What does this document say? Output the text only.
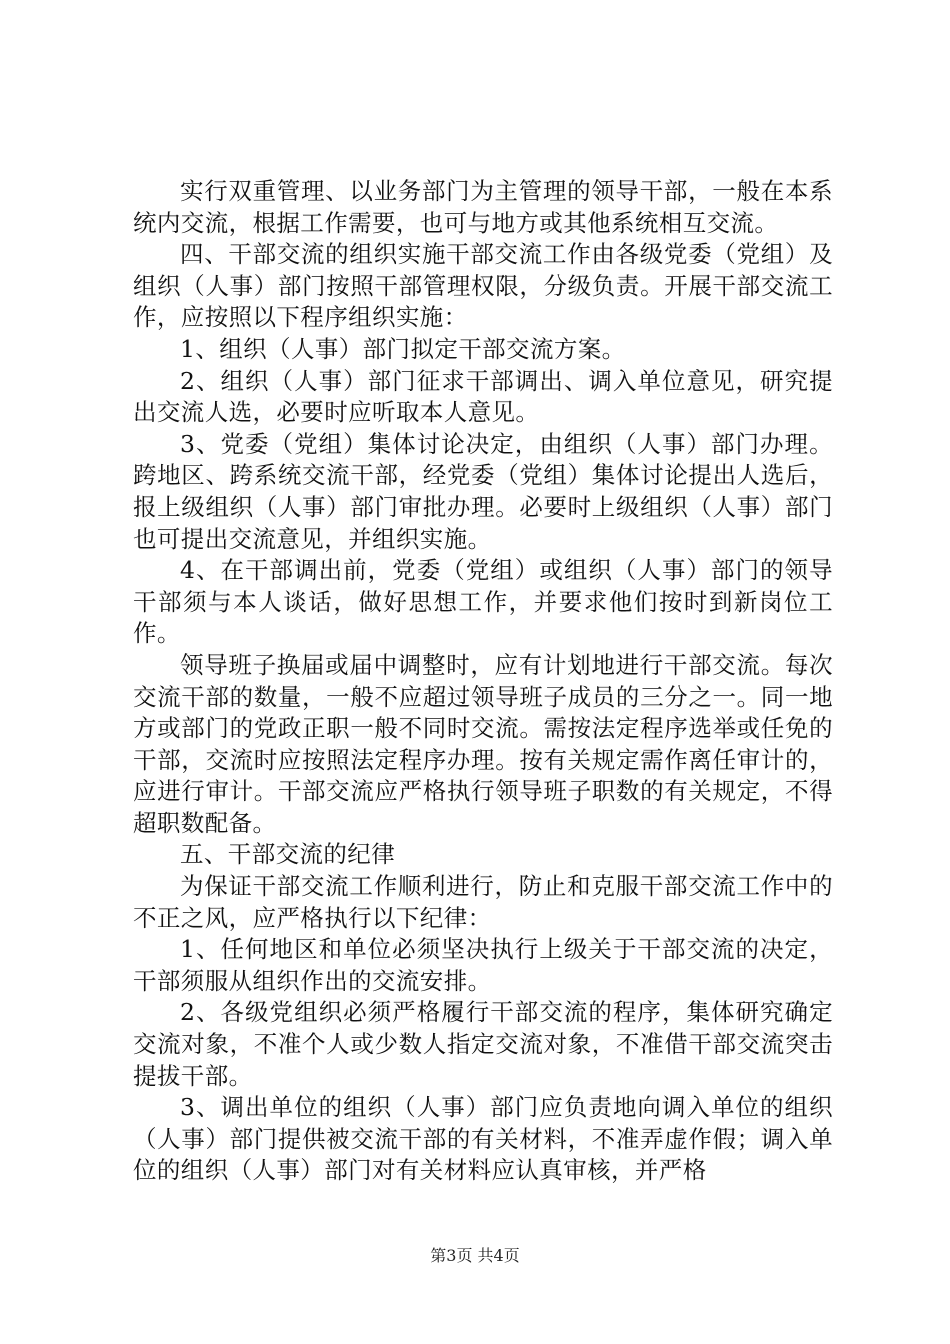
实行双重管理、以业务部门为主管理的领导干部，一般在本系统内交流，根据工作需要，也可与地方或其他系统相互交流。

四、干部交流的组织实施干部交流工作由各级党委（党组）及组织（人事）部门按照干部管理权限，分级负责。开展干部交流工作，应按照以下程序组织实施：

1、组织（人事）部门拟定干部交流方案。

2、组织（人事）部门征求干部调出、调入单位意见，研究提出交流人选，必要时应听取本人意见。

3、党委（党组）集体讨论决定，由组织（人事）部门办理。跨地区、跨系统交流干部，经党委（党组）集体讨论提出人选后，报上级组织（人事）部门审批办理。必要时上级组织（人事）部门也可提出交流意见，并组织实施。

4、在干部调出前，党委（党组）或组织（人事）部门的领导干部须与本人谈话，做好思想工作，并要求他们按时到新岗位工作。

领导班子换届或届中调整时，应有计划地进行干部交流。每次交流干部的数量，一般不应超过领导班子成员的三分之一。同一地方或部门的党政正职一般不同时交流。需按法定程序选举或任免的干部，交流时应按照法定程序办理。按有关规定需作离任审计的，应进行审计。干部交流应严格执行领导班子职数的有关规定，不得超职数配备。

五、干部交流的纪律

为保证干部交流工作顺利进行，防止和克服干部交流工作中的不正之风，应严格执行以下纪律：

1、任何地区和单位必须坚决执行上级关于干部交流的决定，干部须服从组织作出的交流安排。

2、各级党组织必须严格履行干部交流的程序，集体研究确定交流对象，不准个人或少数人指定交流对象，不准借干部交流突击提拔干部。

3、调出单位的组织（人事）部门应负责地向调入单位的组织（人事）部门提供被交流干部的有关材料，不准弄虚作假；调入单位的组织（人事）部门对有关材料应认真审核，并严格

第3页 共4页
